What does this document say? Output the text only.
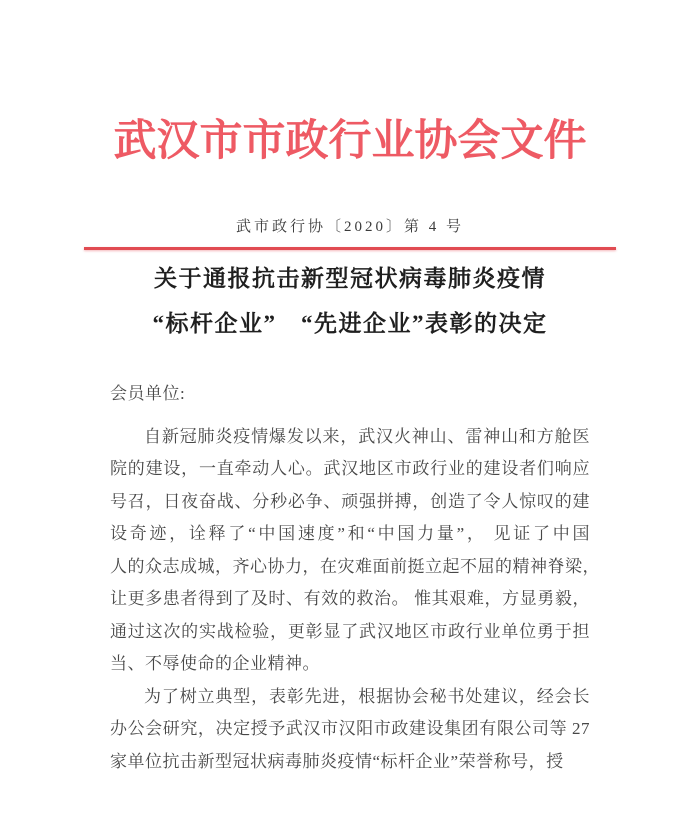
武汉市市政行业协会文件
武市政行协〔2020〕第 4 号
关于通报抗击新型冠状病毒肺炎疫情
“标杆企业”　“先进企业”表彰的决定
会员单位:
自新冠肺炎疫情爆发以来，武汉火神山、雷神山和方舱医
院的建设，一直牵动人心。武汉地区市政行业的建设者们响应
号召，日夜奋战、分秒必争、顽强拼搏，创造了令人惊叹的建
设奇迹，诠释了“中国速度”和“中国力量”， 见证了中国
人的众志成城，齐心协力，在灾难面前挺立起不屈的精神脊梁，
让更多患者得到了及时、有效的救治。 惟其艰难，方显勇毅，
通过这次的实战检验，更彰显了武汉地区市政行业单位勇于担
当、不辱使命的企业精神。
为了树立典型，表彰先进，根据协会秘书处建议，经会长
办公会研究，决定授予武汉市汉阳市政建设集团有限公司等 27
家单位抗击新型冠状病毒肺炎疫情“标杆企业”荣誉称号，授
